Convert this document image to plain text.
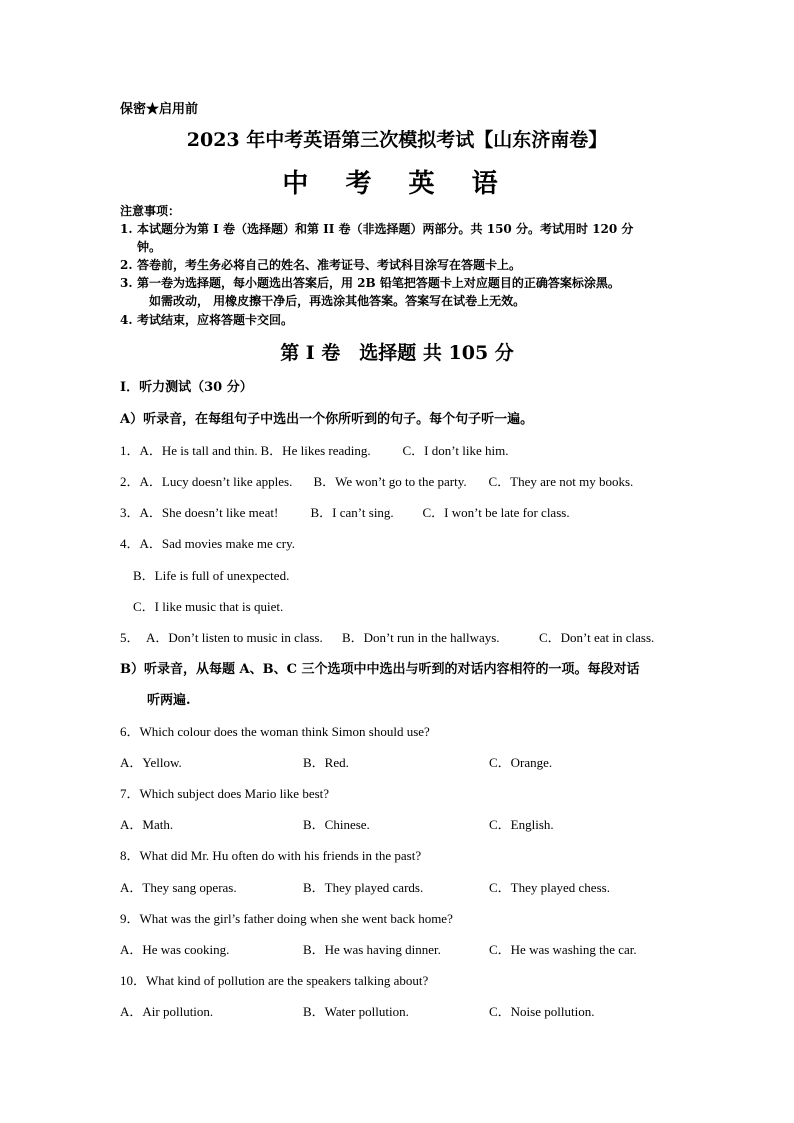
保密★启用前
2023 年中考英语第三次模拟考试【山东济南卷】
中 考 英 语
注意事项：
1. 本试题分为第 I 卷（选择题）和第 II 卷（非选择题）两部分。共 150 分。考试用时 120 分
钟。
2. 答卷前，考生务必将自己的姓名、准考证号、考试科目涂写在答题卡上。
3. 第一卷为选择题，每小题选出答案后，用 2B 铅笔把答题卡上对应题目的正确答案标涂黑。
如需改动， 用橡皮擦干净后，再选涂其他答案。答案写在试卷上无效。
4. 考试结束，应将答题卡交回。
第 I 卷　选择题 共 105 分
Ⅰ．听力测试（30 分）
A）听录音，在每组句子中选出一个你所听到的句子。每个句子听一遍。
1．A．He is tall and thin. B．He likes reading. C．I don’t like him.
2．A．Lucy doesn’t like apples. B．We won’t go to the party. C．They are not my books.
3．A．She doesn’t like meat! B．I can’t sing. C．I won’t be late for class.
4．A．Sad movies make me cry.
B．Life is full of unexpected.
C．I like music that is quiet.
5． A．Don’t listen to music in class. B．Don’t run in the hallways.	C．Don’t eat in class.
B）听录音，从每题 A、B、C 三个选项中中选出与听到的对话内容相符的一项。每段对话
听两遍.
6．Which colour does the woman think Simon should use?
A．Yellow.	B．Red.	C．Orange.
7．Which subject does Mario like best?
A．Math.	B．Chinese.	C．English.
8．What did Mr. Hu often do with his friends in the past?
A．They sang operas.	B．They played cards.	C．They played chess.
9．What was the girl’s father doing when she went back home?
A．He was cooking.	B．He was having dinner.	C．He was washing the car.
10．What kind of pollution are the speakers talking about?
A．Air pollution.	B．Water pollution.	C．Noise pollution.
